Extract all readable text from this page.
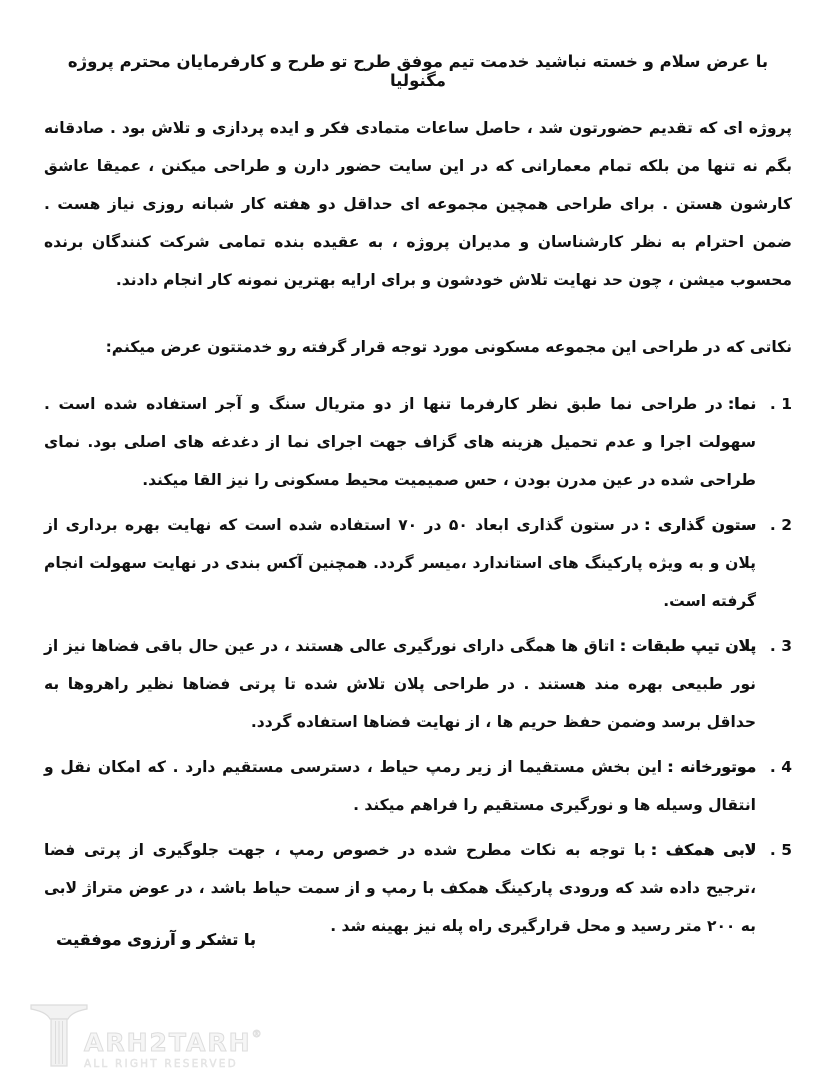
با عرض سلام و خسته نباشید خدمت تیم موفق طرح تو طرح و کارفرمایان محترم پروژه مگنولیا

پروژه ای که تقدیم حضورتون شد ، حاصل ساعات متمادی فکر و ایده پردازی و تلاش بود . صادقانه بگم نه تنها من بلکه تمام معمارانی که در این سایت حضور دارن و طراحی میکنن ، عمیقا عاشق کارشون هستن . برای طراحی همچین مجموعه ای حداقل دو هفته کار شبانه روزی نیاز هست . ضمن احترام به نظر کارشناسان و مدیران پروژه ، به عقیده بنده تمامی شرکت کنندگان برنده محسوب میشن ، چون حد نهایت تلاش خودشون و برای ارایه بهترین نمونه کار انجام دادند.

نکاتی که در طراحی این مجموعه مسکونی مورد توجه قرار گرفته رو خدمتتون عرض میکنم:
1 .

نما:در طراحی نما طبق نظر کارفرما تنها از دو متریال سنگ و آجر استفاده شده است . سهولت اجرا و عدم تحمیل هزینه های گزاف جهت اجرای نما از دغدغه های اصلی بود. نمای طراحی شده در عین مدرن بودن ، حس صمیمیت محیط مسکونی را نیز القا میکند.

2 .

ستون گذاری :در ستون گذاری ابعاد ۵۰ در ۷۰ استفاده شده است که نهایت بهره برداری از پلان و به ویژه پارکینگ های استاندارد ،میسر گردد. همچنین آکس بندی در نهایت سهولت انجام گرفته است.

3 .

پلان تیپ طبقات :اتاق ها همگی دارای نورگیری عالی هستند ، در عین حال باقی فضاها نیز از نور طبیعی بهره مند هستند . در طراحی پلان تلاش شده تا پرتی فضاها نظیر راهروها به حداقل برسد وضمن حفظ حریم ها ، از نهایت فضاها استفاده گردد.

4 .

موتورخانه :این بخش مستقیما از زیر رمپ حیاط ، دسترسی مستقیم دارد . که امکان نقل و انتقال وسیله ها و نورگیری مستقیم را فراهم میکند .

5 .

لابی همکف :با توجه به نکات مطرح شده در خصوص رمپ ، جهت جلوگیری از پرتی فضا ،ترجیح داده شد که ورودی پارکینگ همکف با رمپ و از سمت حیاط باشد ، در عوض متراژ لابی به ۲۰۰ متر رسید و محل قرارگیری راه پله نیز بهینه شد .

با تشکر و آرزوی موفقیت
ARH2TARH®
ALL RIGHT RESERVED
